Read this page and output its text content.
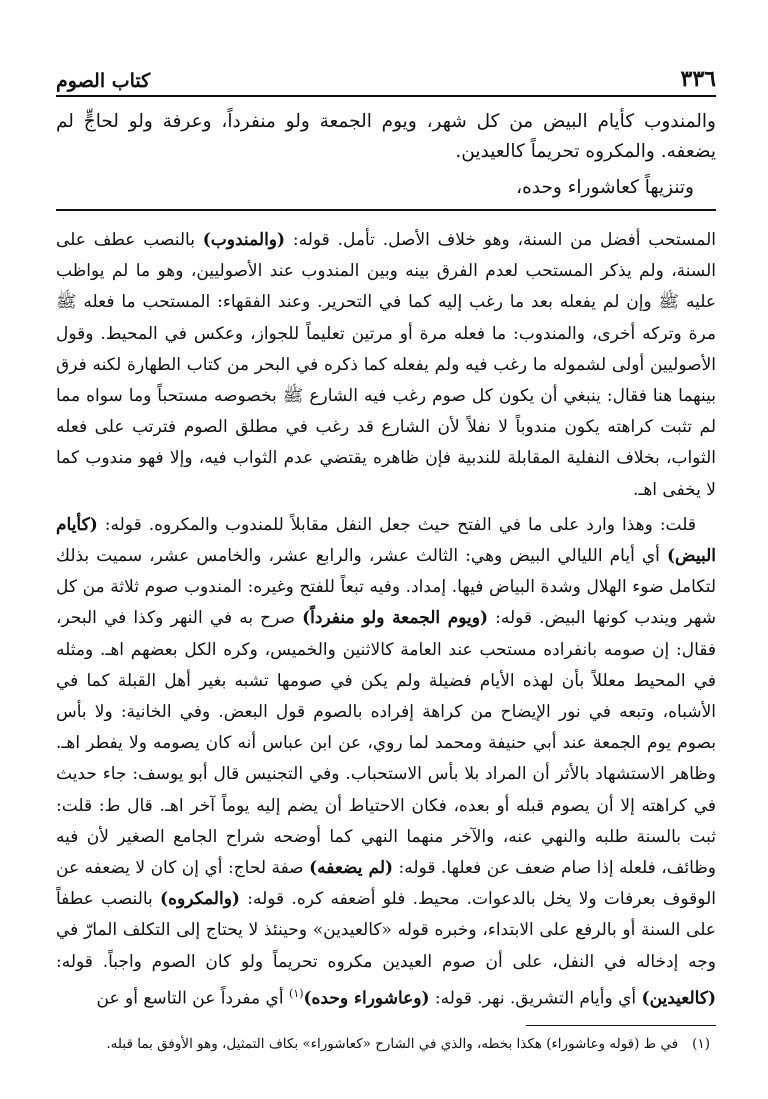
٣٣٦
كتاب الصوم

والمندوب كأيام البيض من كل شهر، ويوم الجمعة ولو منفرداً، وعرفة ولو لحاجٍّ لم يضعفه. والمكروه تحريماً كالعيدين.

وتنزيهاً كعاشوراء وحده،

المستحب أفضل من السنة، وهو خلاف الأصل. تأمل. قوله: (والمندوب) بالنصب عطف على السنة، ولم يذكر المستحب لعدم الفرق بينه وبين المندوب عند الأصوليين، وهو ما لم يواظب عليه ﷺ وإن لم يفعله بعد ما رغب إليه كما في التحرير. وعند الفقهاء: المستحب ما فعله ﷺ مرة وتركه أخرى، والمندوب: ما فعله مرة أو مرتين تعليماً للجواز، وعكس في المحيط. وقول الأصوليين أولى لشموله ما رغب فيه ولم يفعله كما ذكره في البحر من كتاب الطهارة لكنه فرق بينهما هنا فقال: ينبغي أن يكون كل صوم رغب فيه الشارع ﷺ بخصوصه مستحباً وما سواه مما لم تثبت كراهته يكون مندوباً لا نفلاً لأن الشارع قد رغب في مطلق الصوم فترتب على فعله الثواب، بخلاف النفلية المقابلة للندبية فإن ظاهره يقتضي عدم الثواب فيه، وإلا فهو مندوب كما لا يخفى اهـ.

قلت: وهذا وارد على ما في الفتح حيث جعل النفل مقابلاً للمندوب والمكروه. قوله: (كأيام البيض) أي أيام الليالي البيض وهي: الثالث عشر، والرابع عشر، والخامس عشر، سميت بذلك لتكامل ضوء الهلال وشدة البياض فيها. إمداد. وفيه تبعاً للفتح وغيره: المندوب صوم ثلاثة من كل شهر ويندب كونها البيض. قوله: (ويوم الجمعة ولو منفرداً) صرح به في النهر وكذا في البحر، فقال: إن صومه بانفراده مستحب عند العامة كالاثنين والخميس، وكره الكل بعضهم اهـ. ومثله في المحيط معللاً بأن لهذه الأيام فضيلة ولم يكن في صومها تشبه بغير أهل القبلة كما في الأشباه، وتبعه في نور الإيضاح من كراهة إفراده بالصوم قول البعض. وفي الخانية: ولا بأس بصوم يوم الجمعة عند أبي حنيفة ومحمد لما روي، عن ابن عباس أنه كان يصومه ولا يفطر اهـ. وظاهر الاستشهاد بالأثر أن المراد بلا بأس الاستحباب. وفي التجنيس قال أبو يوسف: جاء حديث في كراهته إلا أن يصوم قبله أو بعده، فكان الاحتياط أن يضم إليه يوماً آخر اهـ. قال ط: قلت: ثبت بالسنة طلبه والنهي عنه، والآخر منهما النهي كما أوضحه شراح الجامع الصغير لأن فيه وظائف، فلعله إذا صام ضعف عن فعلها. قوله: (لم يضعفه) صفة لحاج: أي إن كان لا يضعفه عن الوقوف بعرفات ولا يخل بالدعوات. محيط. فلو أضعفه كره. قوله: (والمكروه) بالنصب عطفاً على السنة أو بالرفع على الابتداء، وخبره قوله «كالعيدين» وحينئذ لا يحتاج إلى التكلف المارّ في وجه إدخاله في النفل، على أن صوم العيدين مكروه تحريماً ولو كان الصوم واجباً. قوله: (كالعيدين) أي وأيام التشريق. نهر. قوله: (وعاشوراء وحده)$^{(١)}$ أي مفرداً عن التاسع أو عن

(١)في ط (قوله وعاشوراء) هكذا بخطه، والذي في الشارح «كعاشوراء» بكاف التمثيل، وهو الأوفق بما قبله.
